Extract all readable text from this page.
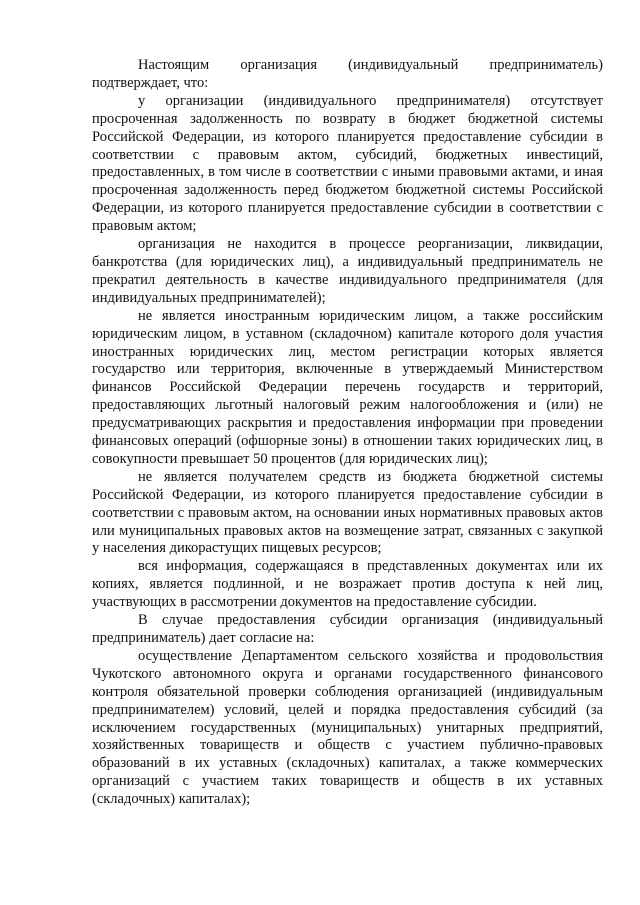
Настоящим организация (индивидуальный предприниматель) подтверждает, что:

у организации (индивидуального предпринимателя) отсутствует просроченная задолженность по возврату в бюджет бюджетной системы Российской Федерации, из которого планируется предоставление субсидии в соответствии с правовым актом, субсидий, бюджетных инвестиций, предоставленных, в том числе в соответствии с иными правовыми актами, и иная просроченная задолженность перед бюджетом бюджетной системы Российской Федерации, из которого планируется предоставление субсидии в соответствии с правовым актом;

организация не находится в процессе реорганизации, ликвидации, банкротства (для юридических лиц), а индивидуальный предприниматель не прекратил деятельность в качестве индивидуального предпринимателя (для индивидуальных предпринимателей);

не является иностранным юридическим лицом, а также российским юридическим лицом, в уставном (складочном) капитале которого доля участия иностранных юридических лиц, местом регистрации которых является государство или территория, включенные в утверждаемый Министерством финансов Российской Федерации перечень государств и территорий, предоставляющих льготный налоговый режим налогообложения и (или) не предусматривающих раскрытия и предоставления информации при проведении финансовых операций (офшорные зоны) в отношении таких юридических лиц, в совокупности превышает 50 процентов (для юридических лиц);

не является получателем средств из бюджета бюджетной системы Российской Федерации, из которого планируется предоставление субсидии в соответствии с правовым актом, на основании иных нормативных правовых актов или муниципальных правовых актов на возмещение затрат, связанных с закупкой у населения дикорастущих пищевых ресурсов;

вся информация, содержащаяся в представленных документах или их копиях, является подлинной, и не возражает против доступа к ней лиц, участвующих в рассмотрении документов на предоставление субсидии.

В случае предоставления субсидии организация (индивидуальный предприниматель) дает согласие на:

осуществление Департаментом сельского хозяйства и продовольствия Чукотского автономного округа и органами государственного финансового контроля обязательной проверки соблюдения организацией (индивидуальным предпринимателем) условий, целей и порядка предоставления субсидий (за исключением государственных (муниципальных) унитарных предприятий, хозяйственных товариществ и обществ с участием публично-правовых образований в их уставных (складочных) капиталах, а также коммерческих организаций с участием таких товариществ и обществ в их уставных (складочных) капиталах);
